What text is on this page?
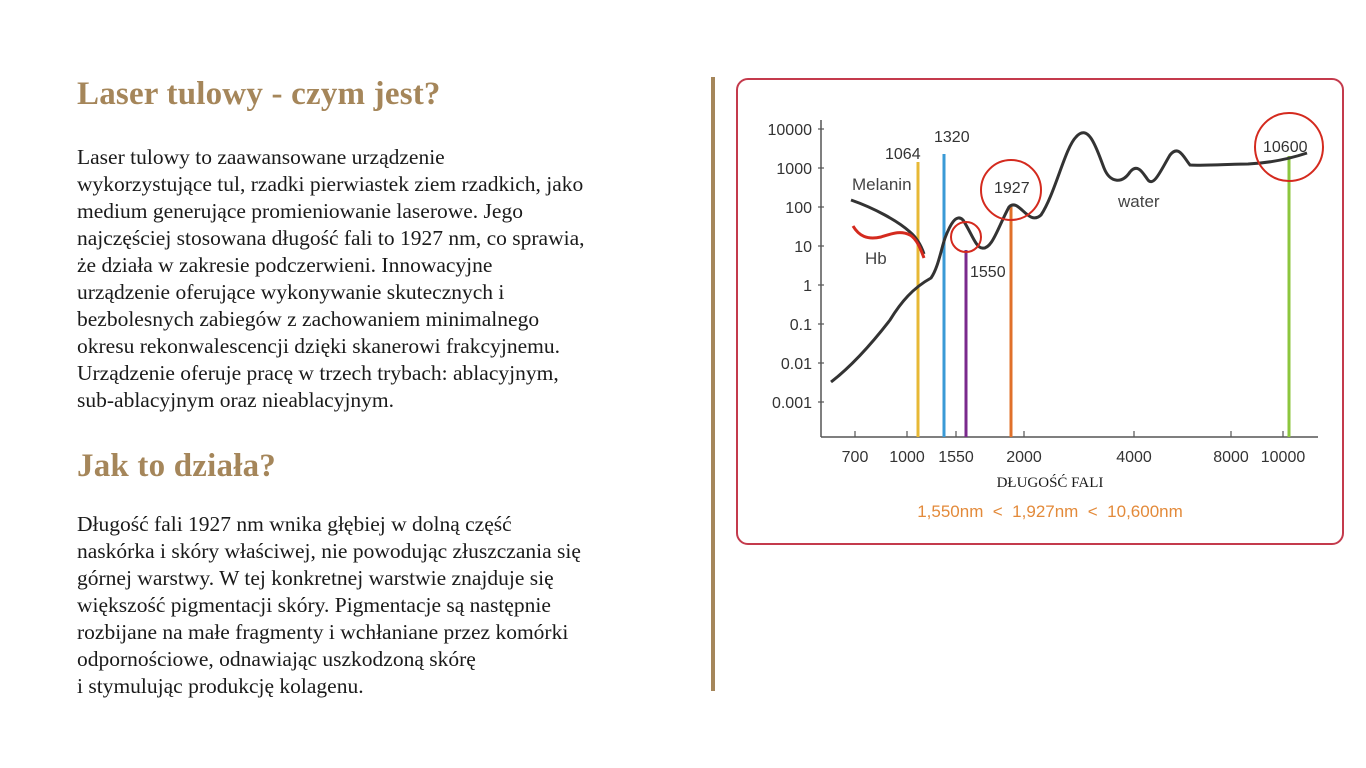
Laser tulowy - czym jest?
Laser tulowy to zaawansowane urządzenie
wykorzystujące tul, rzadki pierwiastek ziem rzadkich, jako
medium generujące promieniowanie laserowe. Jego
najczęściej stosowana długość fali to 1927 nm, co sprawia,
że działa w zakresie podczerwieni. Innowacyjne
urządzenie oferujące wykonywanie skutecznych i
bezbolesnych zabiegów z zachowaniem minimalnego
okresu rekonwalescencji dzięki skanerowi frakcyjnemu.
Urządzenie oferuje pracę w trzech trybach: ablacyjnym,
sub-ablacyjnym oraz nieablacyjnym.
Jak to działa?
Długość fali 1927 nm wnika głębiej w dolną część
naskórka i skóry właściwej, nie powodując złuszczania się
górnej warstwy. W tej konkretnej warstwie znajduje się
większość pigmentacji skóry. Pigmentacje są następnie
rozbijane na małe fragmenty i wchłaniane przez komórki
odpornościowe, odnawiając uszkodzoną skórę
i stymulując produkcję kolagenu.
10000
1000
100
10
1
0.1
0.01
0.001
700 1000 1550 2000	4000	8000 10000
1064
1320
1550
1927
10600
Melanin
Hb
water
DŁUGOŚĆ FALI
1,550nm  <  1,927nm  <  10,600nm
